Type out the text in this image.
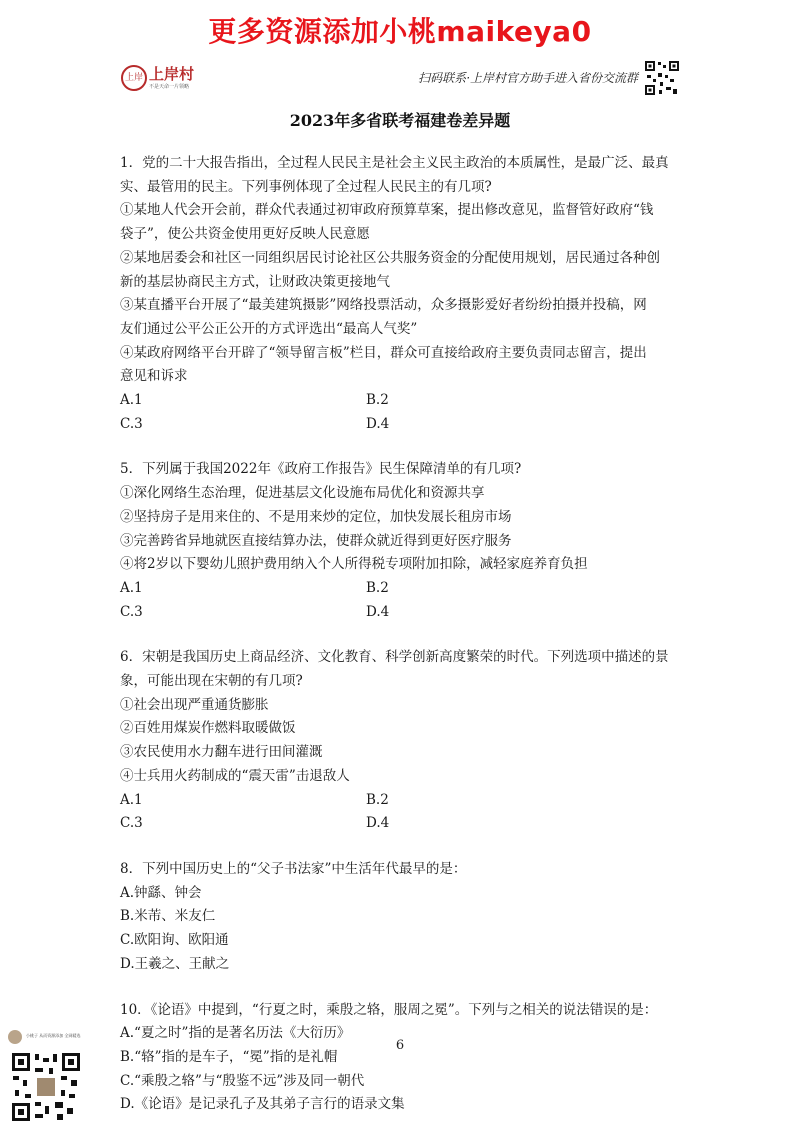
更多资源添加小桃maikeya0
上岸 上岸村
不是天命一片领略
扫码联系·上岸村官方助手进入省份交流群
2023年多省联考福建卷差异题

1．党的二十大报告指出，全过程人民民主是社会主义民主政治的本质属性，是最广泛、最真

实、最管用的民主。下列事例体现了全过程人民民主的有几项?

①某地人代会开会前，群众代表通过初审政府预算草案，提出修改意见，监督管好政府“钱

袋子”，使公共资金使用更好反映人民意愿

②某地居委会和社区一同组织居民讨论社区公共服务资金的分配使用规划，居民通过各种创

新的基层协商民主方式，让财政决策更接地气

③某直播平台开展了“最美建筑摄影”网络投票活动，众多摄影爱好者纷纷拍摄并投稿，网

友们通过公平公正公开的方式评选出“最高人气奖”

④某政府网络平台开辟了“领导留言板”栏目，群众可直接给政府主要负责同志留言，提出

意见和诉求

A.1	B.2
C.3	D.4

5．下列属于我国2022年《政府工作报告》民生保障清单的有几项?

①深化网络生态治理，促进基层文化设施布局优化和资源共享

②坚持房子是用来住的、不是用来炒的定位，加快发展长租房市场

③完善跨省异地就医直接结算办法，使群众就近得到更好医疗服务

④将2岁以下婴幼儿照护费用纳入个人所得税专项附加扣除，减轻家庭养育负担

A.1	B.2
C.3	D.4

6．宋朝是我国历史上商品经济、文化教育、科学创新高度繁荣的时代。下列选项中描述的景

象，可能出现在宋朝的有几项?

①社会出现严重通货膨胀

②百姓用煤炭作燃料取暖做饭

③农民使用水力翻车进行田间灌溉

④士兵用火药制成的“震天雷”击退敌人

A.1	B.2
C.3	D.4

8．下列中国历史上的“父子书法家”中生活年代最早的是：

A.钟繇、钟会
B.米芾、米友仁
C.欧阳询、欧阳通
D.王羲之、王献之

10．《论语》中提到，“行夏之时，乘殷之辂，服周之冕”。下列与之相关的说法错误的是：

A.“夏之时”指的是著名历法《大衍历》
B.“辂”指的是车子，“冕”指的是礼帽
C.“乘殷之辂”与“殷鉴不远”涉及同一朝代
D.《论语》是记录孔子及其弟子言行的语录文集
6
小桃子 从而资源添加 全网精选
